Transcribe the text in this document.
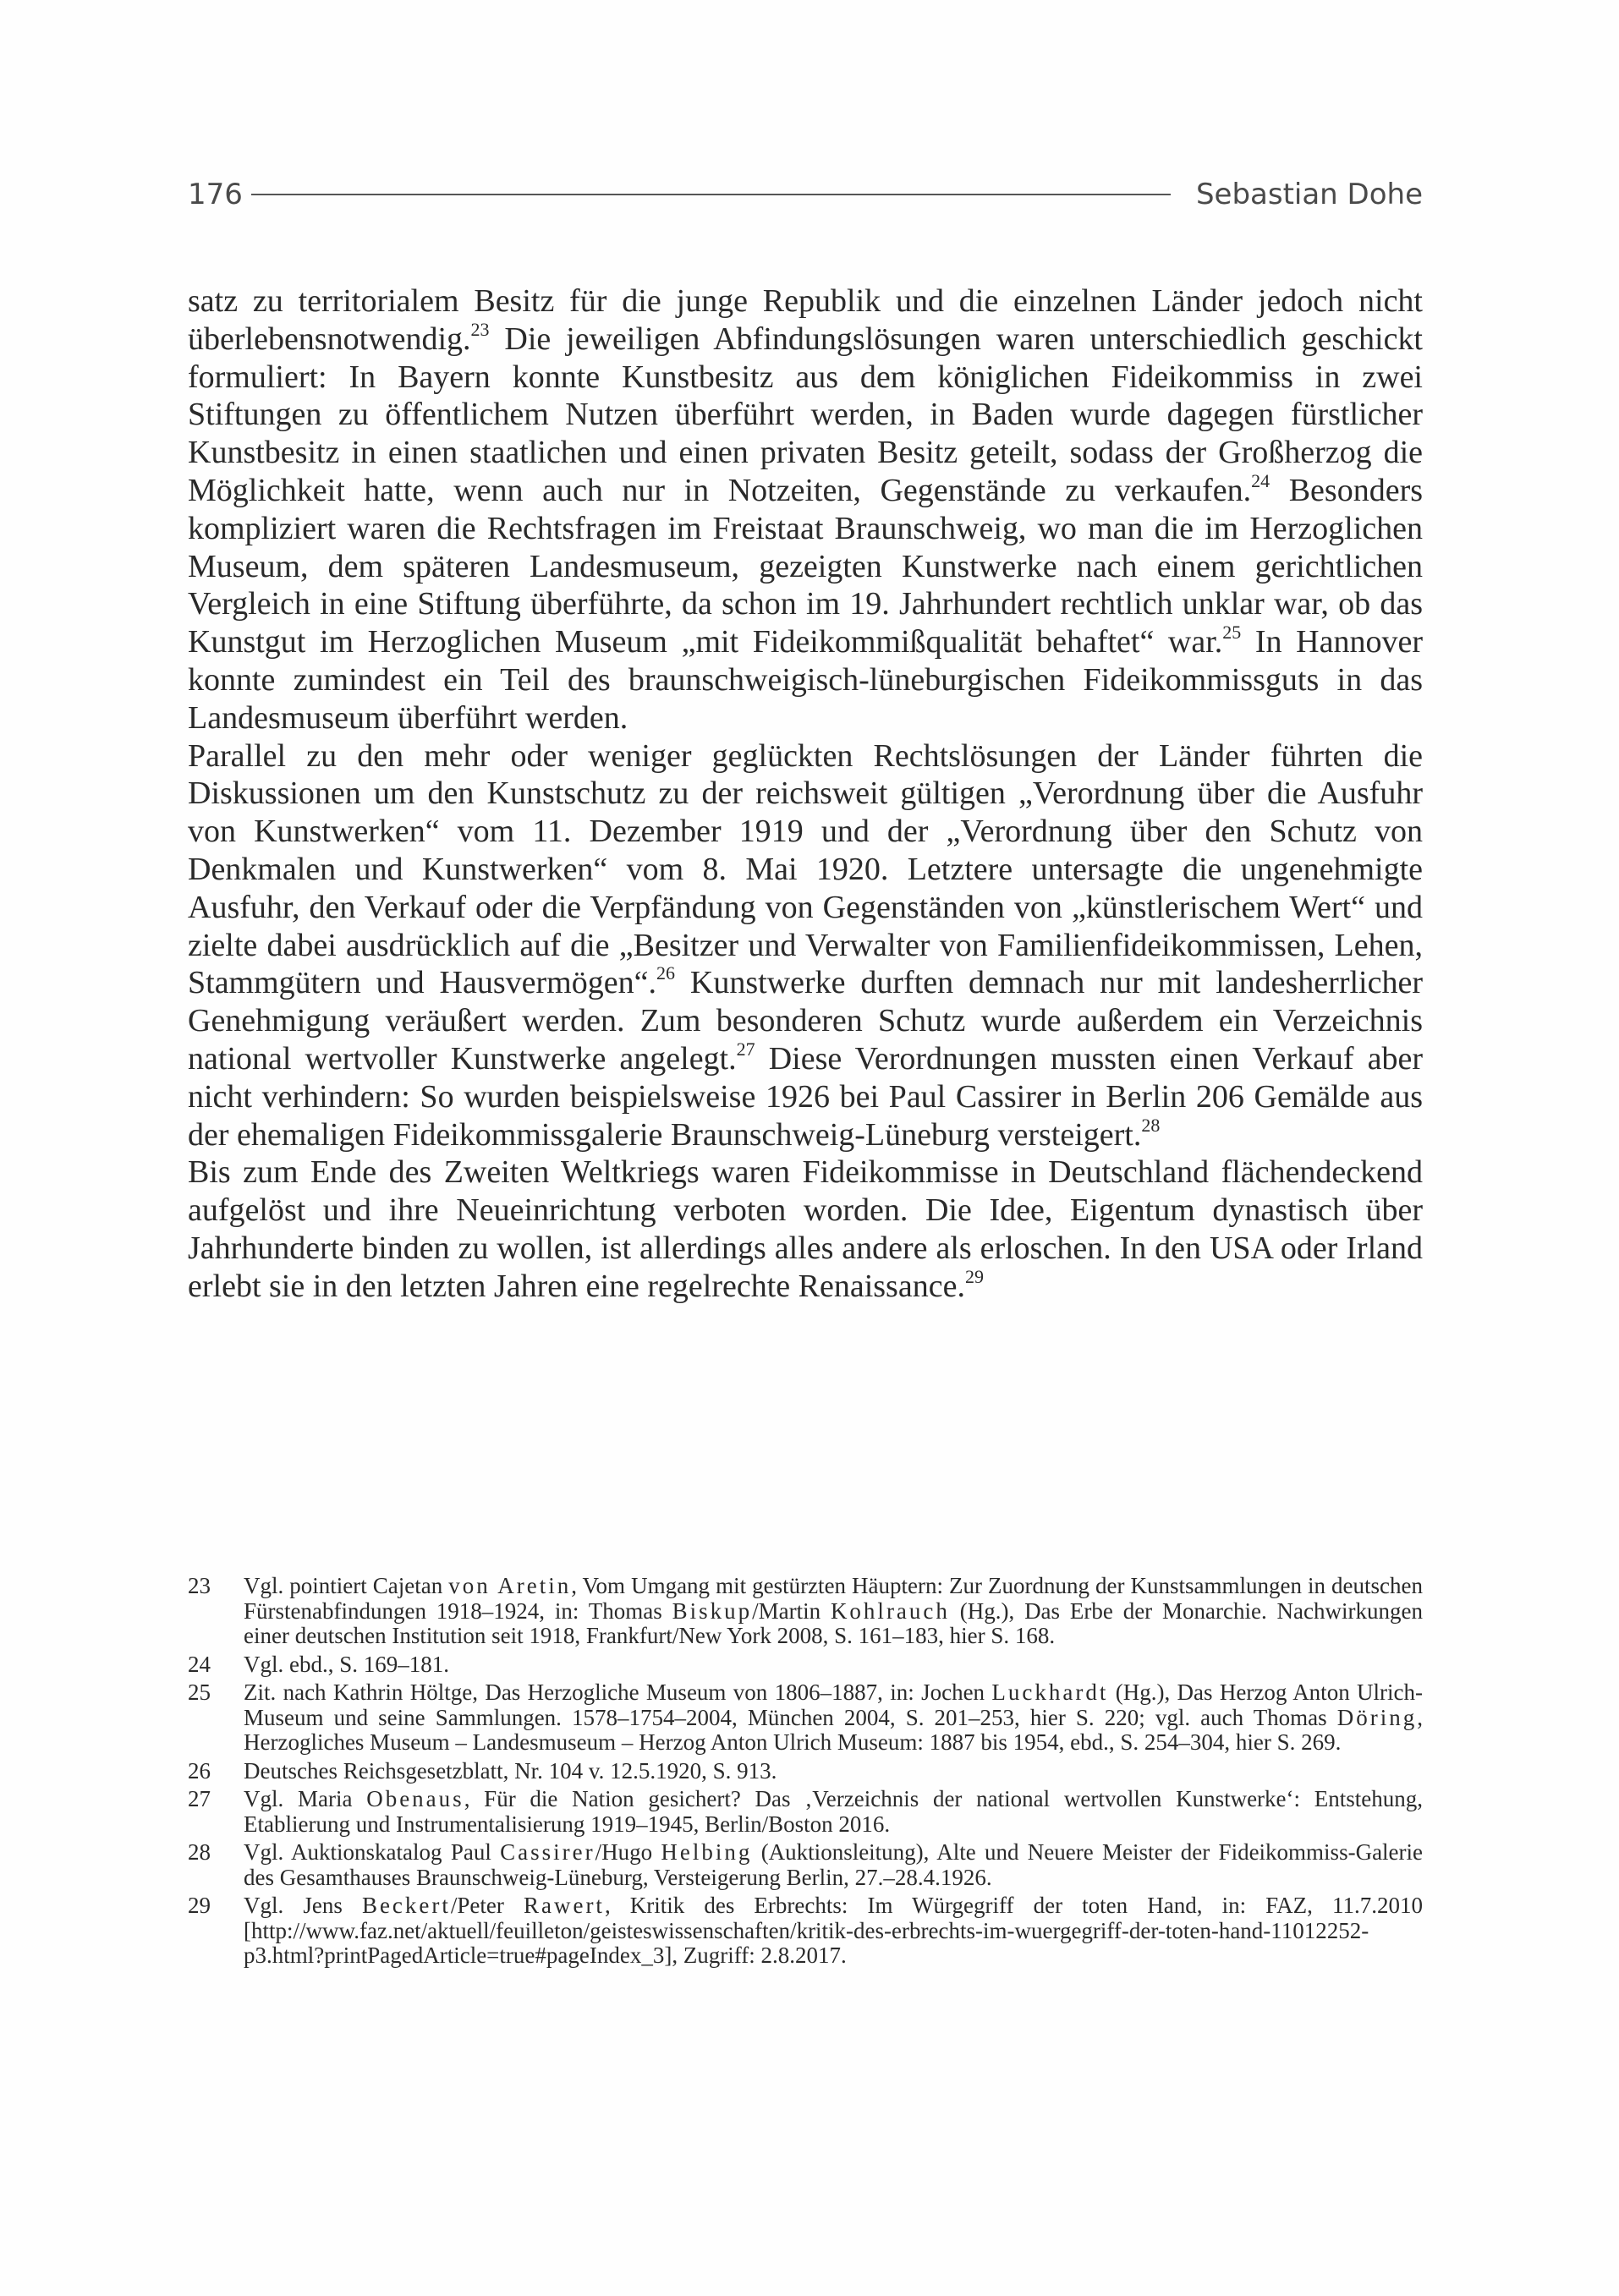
176	Sebastian Dohe

satz zu territorialem Besitz für die junge Republik und die einzelnen Länder jedoch nicht überlebensnotwendig.$^{23}$ Die jeweiligen Abfindungslösungen waren unterschiedlich geschickt formuliert: In Bayern konnte Kunstbesitz aus dem königlichen Fideikommiss in zwei Stiftungen zu öffentlichem Nutzen überführt werden, in Baden wurde dagegen fürstlicher Kunstbesitz in einen staatlichen und einen privaten Besitz geteilt, sodass der Großherzog die Möglichkeit hatte, wenn auch nur in Notzeiten, Gegenstände zu verkaufen.$^{24}$ Besonders kompliziert waren die Rechtsfragen im Freistaat Braunschweig, wo man die im Herzoglichen Museum, dem späteren Landesmuseum, gezeigten Kunstwerke nach einem gerichtlichen Vergleich in eine Stiftung überführte, da schon im 19. Jahrhundert rechtlich unklar war, ob das Kunstgut im Herzoglichen Museum „mit Fideikommißqualität behaftet“ war.$^{25}$ In Hannover konnte zumindest ein Teil des braunschweigisch-lüneburgischen Fideikommissguts in das Landesmuseum überführt werden.

Parallel zu den mehr oder weniger geglückten Rechtslösungen der Länder führten die Diskussionen um den Kunstschutz zu der reichsweit gültigen „Verordnung über die Ausfuhr von Kunstwerken“ vom 11. Dezember 1919 und der „Verordnung über den Schutz von Denkmalen und Kunstwerken“ vom 8. Mai 1920. Letztere untersagte die ungenehmigte Ausfuhr, den Verkauf oder die Verpfändung von Gegenständen von „künstlerischem Wert“ und zielte dabei ausdrücklich auf die „Besitzer und Verwalter von Familienfideikommissen, Lehen, Stammgütern und Hausvermögen“.$^{26}$ Kunstwerke durften demnach nur mit landesherrlicher Genehmigung veräußert werden. Zum besonderen Schutz wurde außerdem ein Verzeichnis national wertvoller Kunstwerke angelegt.$^{27}$ Diese Verordnungen mussten einen Verkauf aber nicht verhindern: So wurden beispielsweise 1926 bei Paul Cassirer in Berlin 206 Gemälde aus der ehemaligen Fideikommissgalerie Braunschweig-Lüneburg versteigert.$^{28}$

Bis zum Ende des Zweiten Weltkriegs waren Fideikommisse in Deutschland flächendeckend aufgelöst und ihre Neueinrichtung verboten worden. Die Idee, Eigentum dynastisch über Jahrhunderte binden zu wollen, ist allerdings alles andere als erloschen. In den USA oder Irland erlebt sie in den letzten Jahren eine regelrechte Renaissance.$^{29}$

23	Vgl. pointiert Cajetan von Aretin, Vom Umgang mit gestürzten Häuptern: Zur Zuordnung der Kunstsammlungen in deutschen Fürstenabfindungen 1918–1924, in: Thomas Biskup/Martin Kohlrauch (Hg.), Das Erbe der Monarchie. Nachwirkungen einer deutschen Institution seit 1918, Frankfurt/New York 2008, S. 161–183, hier S. 168.
24	Vgl. ebd., S. 169–181.
25	Zit. nach Kathrin Höltge, Das Herzogliche Museum von 1806–1887, in: Jochen Luckhardt (Hg.), Das Herzog Anton Ulrich-Museum und seine Sammlungen. 1578–1754–2004, München 2004, S. 201–253, hier S. 220; vgl. auch Thomas Döring, Herzogliches Museum – Landesmuseum – Herzog Anton Ulrich Museum: 1887 bis 1954, ebd., S. 254–304, hier S. 269.
26	Deutsches Reichsgesetzblatt, Nr. 104 v. 12.5.1920, S. 913.
27	Vgl. Maria Obenaus, Für die Nation gesichert? Das ‚Verzeichnis der national wertvollen Kunstwerke‘: Entstehung, Etablierung und Instrumentalisierung 1919–1945, Berlin/Boston 2016.
28	Vgl. Auktionskatalog Paul Cassirer/Hugo Helbing (Auktionsleitung), Alte und Neuere Meister der Fideikommiss-Galerie des Gesamthauses Braunschweig-Lüneburg, Versteigerung Berlin, 27.–28.4.1926.
29	Vgl. Jens Beckert/Peter Rawert, Kritik des Erbrechts: Im Würgegriff der toten Hand, in: FAZ, 11.7.2010 [http://www.faz.net/aktuell/feuilleton/geisteswissenschaften/kritik-des-erbrechts-im-wuergegriff-der-toten-hand-11012252-p3.html?printPagedArticle=true#pageIndex_3], Zugriff: 2.8.2017.
